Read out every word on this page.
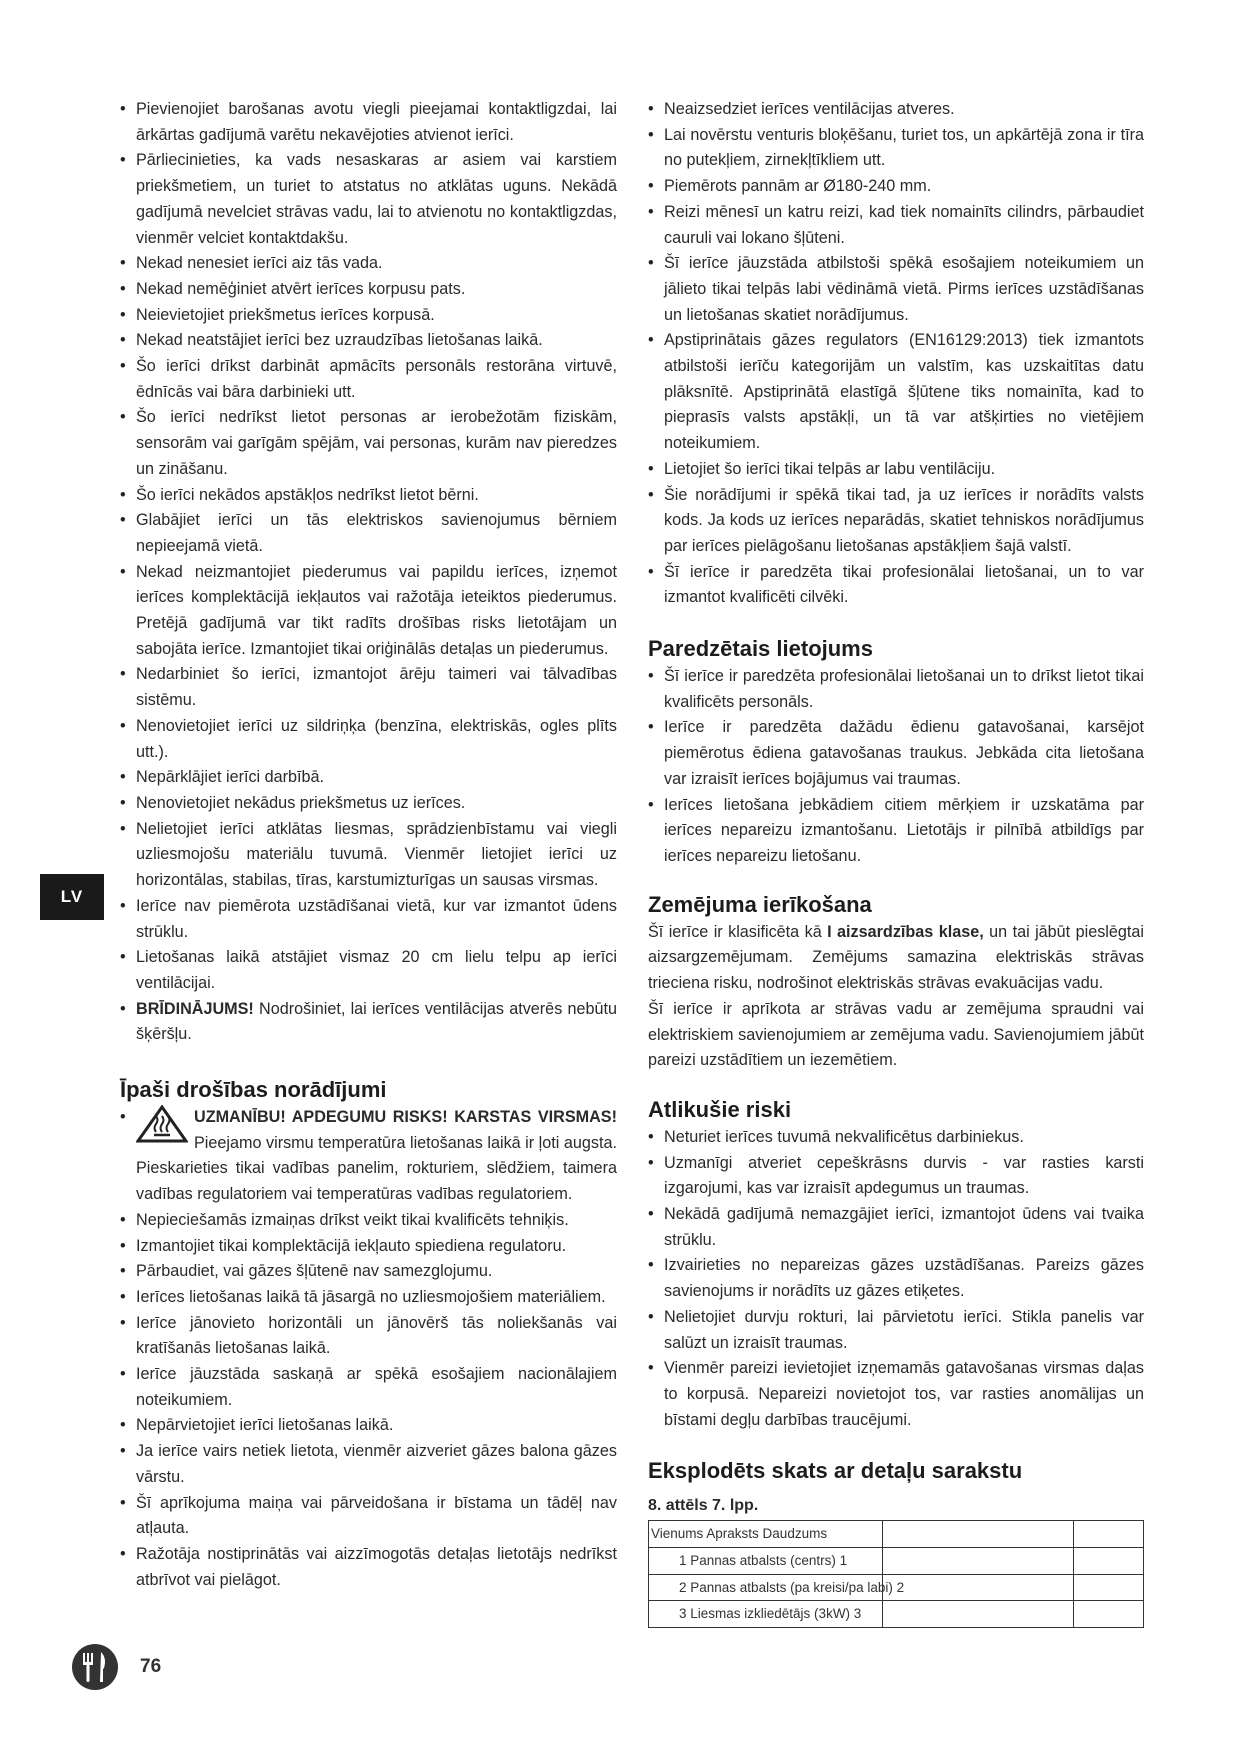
• Pievienojiet barošanas avotu viegli pieejamai kontaktligzdai, lai ārkārtas gadījumā varētu nekavējoties atvienot ierīci.
• Pārliecinieties, ka vads nesaskaras ar asiem vai karstiem priekšmetiem, un turiet to atstatus no atklātas uguns. Nekādā gadījumā nevelciet strāvas vadu, lai to atvienotu no kontaktligzdas, vienmēr velciet kontaktdakšu.
• Nekad nenesiet ierīci aiz tās vada.
• Nekad nemēģiniet atvērt ierīces korpusu pats.
• Neievietojiet priekšmetus ierīces korpusā.
• Nekad neatstājiet ierīci bez uzraudzības lietošanas laikā.
• Šo ierīci drīkst darbināt apmācīts personāls restorāna virtuvē, ēdnīcās vai bāra darbinieki utt.
• Šo ierīci nedrīkst lietot personas ar ierobežotām fiziskām, sensorām vai garīgām spējām, vai personas, kurām nav pieredzes un zināšanu.
• Šo ierīci nekādos apstākļos nedrīkst lietot bērni.
• Glabājiet ierīci un tās elektriskos savienojumus bērniem nepieejamā vietā.
• Nekad neizmantojiet piederumus vai papildu ierīces, izņemot ierīces komplektācijā iekļautos vai ražotāja ieteiktos piederumus. Pretējā gadījumā var tikt radīts drošības risks lietotājam un sabojāta ierīce. Izmantojiet tikai oriģinālās detaļas un piederumus.
• Nedarbiniet šo ierīci, izmantojot ārēju taimeri vai tālvadības sistēmu.
• Nenovietojiet ierīci uz sildriņķa (benzīna, elektriskās, ogles plīts utt.).
• Nepārklājiet ierīci darbībā.
• Nenovietojiet nekādus priekšmetus uz ierīces.
• Nelietojiet ierīci atklātas liesmas, sprādzienbīstamu vai viegli uzliesmojošu materiālu tuvumā. Vienmēr lietojiet ierīci uz horizontālas, stabilas, tīras, karstumizturīgas un sausas virsmas.
• Ierīce nav piemērota uzstādīšanai vietā, kur var izmantot ūdens strūklu.
• Lietošanas laikā atstājiet vismaz 20 cm lielu telpu ap ierīci ventilācijai.
• BRĪDINĀJUMS! Nodrošiniet, lai ierīces ventilācijas atverēs nebūtu šķēršļu.
Īpaši drošības norādījumi
• UZMANĪBU! APDEGUMU RISKS! KARSTAS VIRSMAS! Pieejamo virsmu temperatūra lietošanas laikā ir ļoti augsta. Pieskarieties tikai vadības panelim, rokturiem, slēdžiem, taimera vadības regulatoriem vai temperatūras vadības regulatoriem.
• Nepieciešamās izmaiņas drīkst veikt tikai kvalificēts tehniķis.
• Izmantojiet tikai komplektācijā iekļauto spiediena regulatoru.
• Pārbaudiet, vai gāzes šļūtenē nav samezglojumu.
• Ierīces lietošanas laikā tā jāsargā no uzliesmojošiem materiāliem.
• Ierīce jānovieto horizontāli un jānovērš tās noliekšanās vai kratīšanās lietošanas laikā.
• Ierīce jāuzstāda saskaņā ar spēkā esošajiem nacionālajiem noteikumiem.
• Nepārvietojiet ierīci lietošanas laikā.
• Ja ierīce vairs netiek lietota, vienmēr aizveriet gāzes balona gāzes vārstu.
• Šī aprīkojuma maiņa vai pārveidošana ir bīstama un tādēļ nav atļauta.
• Ražotāja nostiprinātās vai aizzīmogotās detaļas lietotājs nedrīkst atbrīvot vai pielāgot.
• Neaizsedziet ierīces ventilācijas atveres.
• Lai novērstu venturis bloķēšanu, turiet tos, un apkārtējā zona ir tīra no putekļiem, zirnekļtīkliem utt.
• Piemērots pannām ar Ø180-240 mm.
• Reizi mēnesī un katru reizi, kad tiek nomainīts cilindrs, pārbaudiet cauruli vai lokano šļūteni.
• Šī ierīce jāuzstāda atbilstoši spēkā esošajiem noteikumiem un jālieto tikai telpās labi vēdināmā vietā. Pirms ierīces uzstādīšanas un lietošanas skatiet norādījumus.
• Apstiprinātais gāzes regulators (EN16129:2013) tiek izmantots atbilstoši ierīču kategorijām un valstīm, kas uzskaitītas datu plāksnītē. Apstiprinātā elastīgā šļūtene tiks nomainīta, kad to pieprasīs valsts apstākļi, un tā var atšķirties no vietējiem noteikumiem.
• Lietojiet šo ierīci tikai telpās ar labu ventilāciju.
• Šie norādījumi ir spēkā tikai tad, ja uz ierīces ir norādīts valsts kods. Ja kods uz ierīces neparādās, skatiet tehniskos norādījumus par ierīces pielāgošanu lietošanas apstākļiem šajā valstī.
• Šī ierīce ir paredzēta tikai profesionālai lietošanai, un to var izmantot kvalificēti cilvēki.
Paredzētais lietojums
• Šī ierīce ir paredzēta profesionālai lietošanai un to drīkst lietot tikai kvalificēts personāls.
• Ierīce ir paredzēta dažādu ēdienu gatavošanai, karsējot piemērotus ēdiena gatavošanas traukus. Jebkāda cita lietošana var izraisīt ierīces bojājumus vai traumas.
• Ierīces lietošana jebkādiem citiem mērķiem ir uzskatāma par ierīces nepareizu izmantošanu. Lietotājs ir pilnībā atbildīgs par ierīces nepareizu lietošanu.
Zemējuma ierīkošana

Šī ierīce ir klasificēta kā I aizsardzības klase, un tai jābūt pieslēgtai aizsargzemējumam. Zemējums samazina elektriskās strāvas trieciena risku, nodrošinot elektriskās strāvas evakuācijas vadu.

Šī ierīce ir aprīkota ar strāvas vadu ar zemējuma spraudni vai elektriskiem savienojumiem ar zemējuma vadu. Savienojumiem jābūt pareizi uzstādītiem un iezemētiem.

Atlikušie riski
• Neturiet ierīces tuvumā nekvalificētus darbiniekus.
• Uzmanīgi atveriet cepeškrāsns durvis - var rasties karsti izgarojumi, kas var izraisīt apdegumus un traumas.
• Nekādā gadījumā nemazgājiet ierīci, izmantojot ūdens vai tvaika strūklu.
• Izvairieties no nepareizas gāzes uzstādīšanas. Pareizs gāzes savienojums ir norādīts uz gāzes etiķetes.
• Nelietojiet durvju rokturi, lai pārvietotu ierīci. Stikla panelis var salūzt un izraisīt traumas.
• Vienmēr pareizi ievietojiet izņemamās gatavošanas virsmas daļas to korpusā. Nepareizi novietojot tos, var rasties anomālijas un bīstami degļu darbības traucējumi.
Eksplodēts skats ar detaļu sarakstu
8. attēls 7. lpp.
Vienums Apraksts Daudzums		
1 Pannas atbalsts (centrs) 1		
2 Pannas atbalsts (pa kreisi/pa labi) 2		
3 Liesmas izkliedētājs (3kW) 3		
LV
76
